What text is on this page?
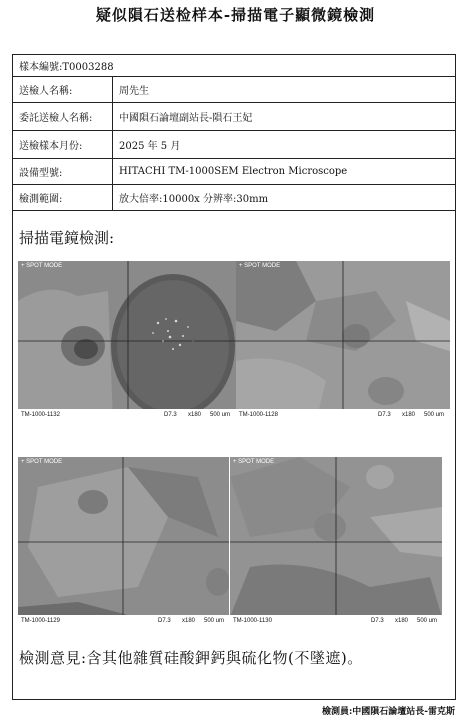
疑似隕石送检样本-掃描電子顯微鏡檢測
樣本編號:T0003288
送檢人名稱:	周先生
委託送檢人名稱:	中國隕石論壇副站長-隕石王妃
送檢樣本月份:	2025 年 5 月
設備型號:	HITACHI TM-1000SEM Electron Microscope
檢測範圍:	放大倍率:10000x 分辨率:30mm
掃描電鏡檢測:
+ SPOT MODE
TM-1000-1132	D7.3 x180 500 um
+ SPOT MODE
TM-1000-1128	D7.3 x180 500 um
+ SPOT MODE
TM-1000-1129	D7.3 x180 500 um
+ SPOT MODE
TM-1000-1130	D7.3 x180 500 um
檢測意見:含其他雜質硅酸鉀鈣與硫化物(不墜遮)。
檢測員:中國隕石論壇站長-雷克斯
